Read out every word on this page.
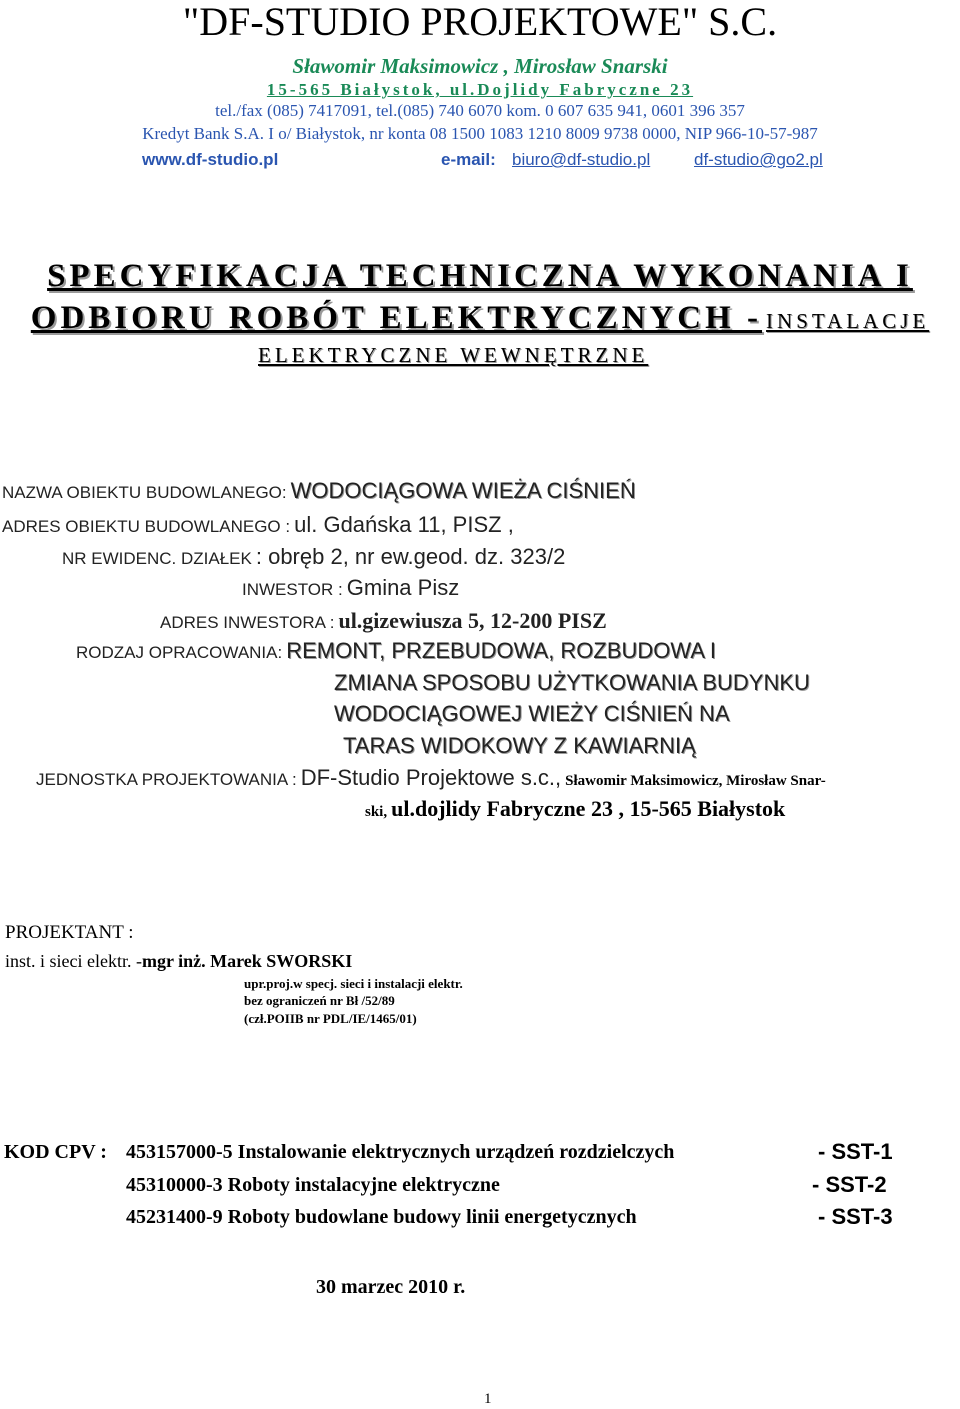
"DF-STUDIO PROJEKTOWE" S.C.
Sławomir Maksimowicz , Mirosław Snarski
15-565 Białystok, ul.Dojlidy Fabryczne 23
tel./fax (085) 7417091, tel.(085) 740 6070 kom. 0 607 635 941, 0601 396 357
Kredyt Bank S.A. I o/ Białystok, nr konta 08 1500 1083 1210 8009 9738 0000, NIP 966-10-57-987
www.df-studio.pl	e-mail: biuro@df-studio.pl	df-studio@go2.pl
SPECYFIKACJA TECHNICZNA WYKONANIA I
ODBIORU ROBÓT ELEKTRYCZNYCH - INSTALACJE
ELEKTRYCZNE WEWNĘTRZNE
NAZWA OBIEKTU BUDOWLANEGO: WODOCIĄGOWA WIEŻA CIŚNIEŃ
ADRES OBIEKTU BUDOWLANEGO : ul. Gdańska 11, PISZ ,
NR EWIDENC. DZIAŁEK : obręb 2, nr ew.geod. dz. 323/2
INWESTOR : Gmina Pisz
ADRES INWESTORA : ul.gizewiusza 5, 12-200 PISZ
RODZAJ OPRACOWANIA: REMONT, PRZEBUDOWA, ROZBUDOWA I
ZMIANA SPOSOBU UŻYTKOWANIA BUDYNKU
WODOCIĄGOWEJ WIEŻY CIŚNIEŃ NA
TARAS WIDOKOWY Z KAWIARNIĄ
JEDNOSTKA PROJEKTOWANIA : DF-Studio Projektowe s.c., Sławomir Maksimowicz, Mirosław Snar-
ski, ul.dojlidy Fabryczne 23 , 15-565 Białystok
PROJEKTANT :
inst. i sieci elektr. -mgr inż. Marek SWORSKI
upr.proj.w specj. sieci i instalacji elektr.
bez ograniczeń nr Bł /52/89
(czł.POIIB nr PDL/IE/1465/01)
KOD CPV : 453157000-5 Instalowanie elektrycznych urządzeń rozdzielczych	- SST-1
45310000-3 Roboty instalacyjne elektryczne	- SST-2
45231400-9 Roboty budowlane budowy linii energetycznych	- SST-3
30 marzec 2010 r.
1
